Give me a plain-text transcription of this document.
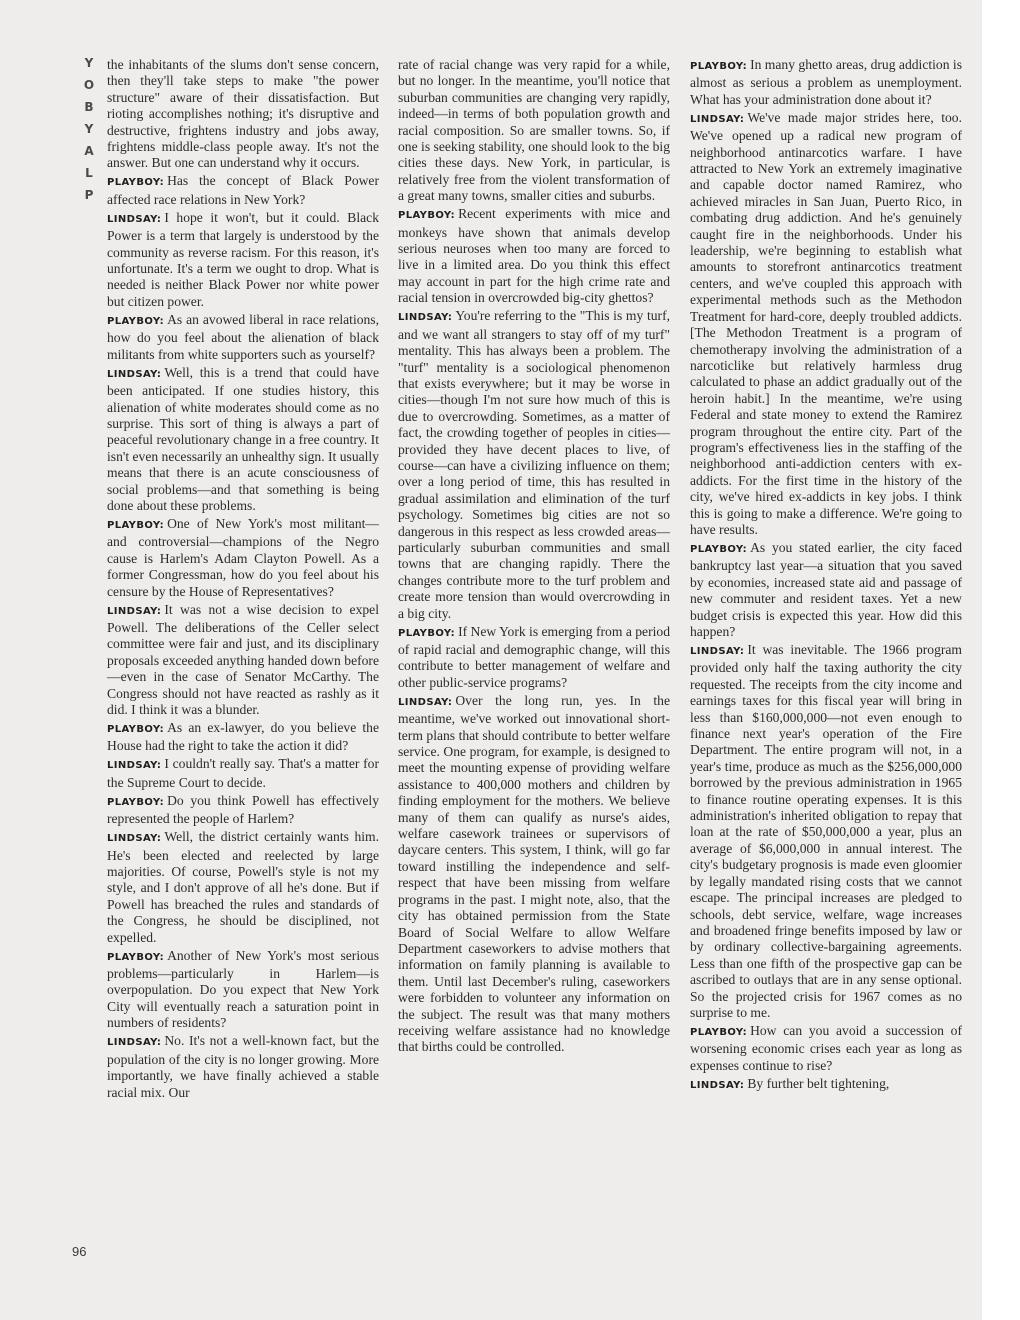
Y
O
B
Y
A
L
P
96

the inhabitants of the slums don't sense concern, then they'll take steps to make "the power structure" aware of their dissatisfaction. But rioting accomplishes nothing; it's disruptive and destructive, frightens industry and jobs away, frightens middle-class people away. It's not the answer. But one can understand why it occurs.

PLAYBOY: Has the concept of Black Power affected race relations in New York?

LINDSAY: I hope it won't, but it could. Black Power is a term that largely is understood by the community as reverse racism. For this reason, it's unfortunate. It's a term we ought to drop. What is needed is neither Black Power nor white power but citizen power.

PLAYBOY: As an avowed liberal in race relations, how do you feel about the alienation of black militants from white supporters such as yourself?

LINDSAY: Well, this is a trend that could have been anticipated. If one studies history, this alienation of white moderates should come as no surprise. This sort of thing is always a part of peaceful revolutionary change in a free country. It isn't even necessarily an unhealthy sign. It usually means that there is an acute consciousness of social problems—and that something is being done about these problems.

PLAYBOY: One of New York's most militant—and controversial—champions of the Negro cause is Harlem's Adam Clayton Powell. As a former Congressman, how do you feel about his censure by the House of Representatives?

LINDSAY: It was not a wise decision to expel Powell. The deliberations of the Celler select committee were fair and just, and its disciplinary proposals exceeded anything handed down before—even in the case of Senator McCarthy. The Congress should not have reacted as rashly as it did. I think it was a blunder.

PLAYBOY: As an ex-lawyer, do you believe the House had the right to take the action it did?

LINDSAY: I couldn't really say. That's a matter for the Supreme Court to decide.

PLAYBOY: Do you think Powell has effectively represented the people of Harlem?

LINDSAY: Well, the district certainly wants him. He's been elected and reelected by large majorities. Of course, Powell's style is not my style, and I don't approve of all he's done. But if Powell has breached the rules and standards of the Congress, he should be disciplined, not expelled.

PLAYBOY: Another of New York's most serious problems—particularly in Harlem—is overpopulation. Do you expect that New York City will eventually reach a saturation point in numbers of residents?

LINDSAY: No. It's not a well-known fact, but the population of the city is no longer growing. More importantly, we have finally achieved a stable racial mix. Our

rate of racial change was very rapid for a while, but no longer. In the meantime, you'll notice that suburban communities are changing very rapidly, indeed—in terms of both population growth and racial composition. So are smaller towns. So, if one is seeking stability, one should look to the big cities these days. New York, in particular, is relatively free from the violent transformation of a great many towns, smaller cities and suburbs.

PLAYBOY: Recent experiments with mice and monkeys have shown that animals develop serious neuroses when too many are forced to live in a limited area. Do you think this effect may account in part for the high crime rate and racial tension in overcrowded big-city ghettos?

LINDSAY: You're referring to the "This is my turf, and we want all strangers to stay off of my turf" mentality. This has always been a problem. The "turf" mentality is a sociological phenomenon that exists everywhere; but it may be worse in cities—though I'm not sure how much of this is due to overcrowding. Sometimes, as a matter of fact, the crowding together of peoples in cities—provided they have decent places to live, of course—can have a civilizing influence on them; over a long period of time, this has resulted in gradual assimilation and elimination of the turf psychology. Sometimes big cities are not so dangerous in this respect as less crowded areas—particularly suburban communities and small towns that are changing rapidly. There the changes contribute more to the turf problem and create more tension than would overcrowding in a big city.

PLAYBOY: If New York is emerging from a period of rapid racial and demographic change, will this contribute to better management of welfare and other public-service programs?

LINDSAY: Over the long run, yes. In the meantime, we've worked out innovational short-term plans that should contribute to better welfare service. One program, for example, is designed to meet the mounting expense of providing welfare assistance to 400,000 mothers and children by finding employment for the mothers. We believe many of them can qualify as nurse's aides, welfare casework trainees or supervisors of daycare centers. This system, I think, will go far toward instilling the independence and self-respect that have been missing from welfare programs in the past. I might note, also, that the city has obtained permission from the State Board of Social Welfare to allow Welfare Department caseworkers to advise mothers that information on family planning is available to them. Until last December's ruling, caseworkers were forbidden to volunteer any information on the subject. The result was that many mothers receiving welfare assistance had no knowledge that births could be controlled.

PLAYBOY: In many ghetto areas, drug addiction is almost as serious a problem as unemployment. What has your administration done about it?

LINDSAY: We've made major strides here, too. We've opened up a radical new program of neighborhood antinarcotics warfare. I have attracted to New York an extremely imaginative and capable doctor named Ramirez, who achieved miracles in San Juan, Puerto Rico, in combating drug addiction. And he's genuinely caught fire in the neighborhoods. Under his leadership, we're beginning to establish what amounts to storefront antinarcotics treatment centers, and we've coupled this approach with experimental methods such as the Methodon Treatment for hard-core, deeply troubled addicts. [The Methodon Treatment is a program of chemotherapy involving the administration of a narcoticlike but relatively harmless drug calculated to phase an addict gradually out of the heroin habit.] In the meantime, we're using Federal and state money to extend the Ramirez program throughout the entire city. Part of the program's effectiveness lies in the staffing of the neighborhood anti-addiction centers with ex-addicts. For the first time in the history of the city, we've hired ex-addicts in key jobs. I think this is going to make a difference. We're going to have results.

PLAYBOY: As you stated earlier, the city faced bankruptcy last year—a situation that you saved by economies, increased state aid and passage of new commuter and resident taxes. Yet a new budget crisis is expected this year. How did this happen?

LINDSAY: It was inevitable. The 1966 program provided only half the taxing authority the city requested. The receipts from the city income and earnings taxes for this fiscal year will bring in less than $160,000,000—not even enough to finance next year's operation of the Fire Department. The entire program will not, in a year's time, produce as much as the $256,000,000 borrowed by the previous administration in 1965 to finance routine operating expenses. It is this administration's inherited obligation to repay that loan at the rate of $50,000,000 a year, plus an average of $6,000,000 in annual interest. The city's budgetary prognosis is made even gloomier by legally mandated rising costs that we cannot escape. The principal increases are pledged to schools, debt service, welfare, wage increases and broadened fringe benefits imposed by law or by ordinary collective-bargaining agreements. Less than one fifth of the prospective gap can be ascribed to outlays that are in any sense optional. So the projected crisis for 1967 comes as no surprise to me.

PLAYBOY: How can you avoid a succession of worsening economic crises each year as long as expenses continue to rise?

LINDSAY: By further belt tightening,
